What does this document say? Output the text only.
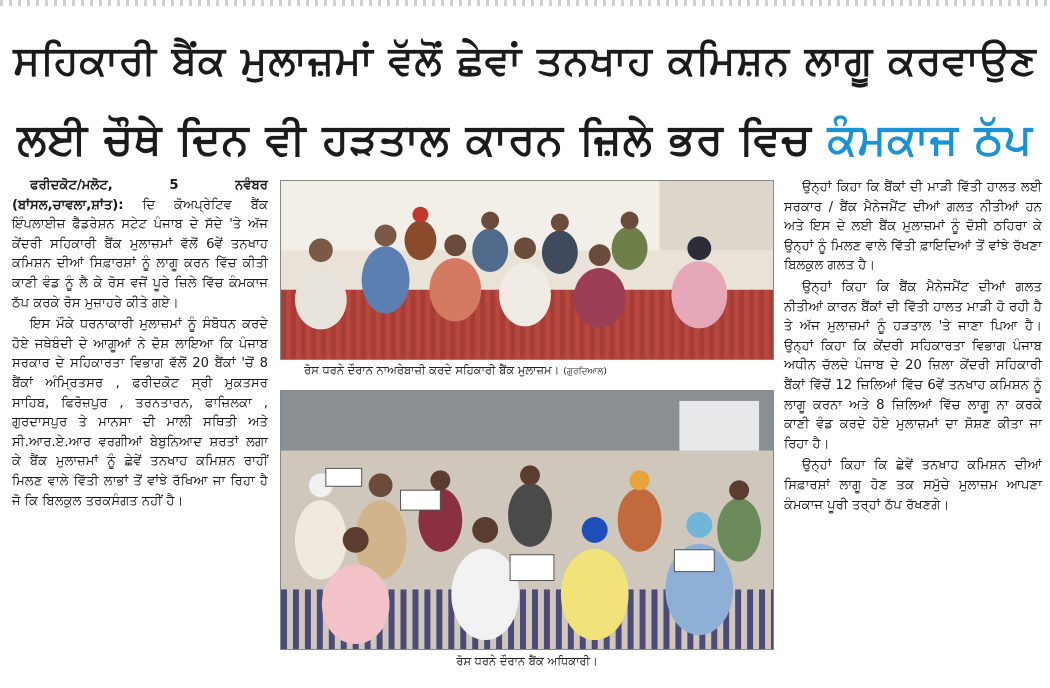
ਸਹਿਕਾਰੀ ਬੈਂਕ ਮੁਲਾਜ਼ਮਾਂ ਵੱਲੋਂ ਛੇਵਾਂ ਤਨਖਾਹ ਕਮਿਸ਼ਨ ਲਾਗੂ ਕਰਵਾਉਣ
ਲਈ ਚੌਥੇ ਦਿਨ ਵੀ ਹੜਤਾਲ ਕਾਰਨ ਜ਼ਿਲੇ ਭਰ ਵਿਚ ਕੰਮਕਾਜ ਠੱਪ

ਫਰੀਦਕੋਟ/ਮਲੋਟ, 5 ਨਵੰਬਰ (ਬਾਂਸਲ,ਚਾਵਲਾ,ਸ਼ਾਂਤ): ਦਿ ਕੋਅਪ੍ਰੇਟਿਵ ਬੈਂਕ ਇੰਪਲਾਈਜ਼ ਫੈੱਡਰੇਸ਼ਨ ਸਟੇਟ ਪੰਜਾਬ ਦੇ ਸੱਦੇ 'ਤੇ ਅੱਜ ਕੇਂਦਰੀ ਸਹਿਕਾਰੀ ਬੈਂਕ ਮੁਲਾਜ਼ਮਾਂ ਵੱਲੋਂ 6ਵੇਂ ਤਨਖਾਹ ਕਮਿਸ਼ਨ ਦੀਆਂ ਸਿਫ਼ਾਰਸ਼ਾਂ ਨੂੰ ਲਾਗੂ ਕਰਨ ਵਿੱਚ ਕੀਤੀ ਕਾਣੀ ਵੰਡ ਨੂੰ ਲੈ ਕੇ ਰੋਸ ਵਜੋਂ ਪੂਰੇ ਜ਼ਿਲੇ ਵਿੱਚ ਕੰਮਕਾਜ ਠੱਪ ਕਰਕੇ ਰੋਸ ਮੁਜ਼ਾਹਰੇ ਕੀਤੇ ਗਏ।

ਇਸ ਮੌਕੇ ਧਰਨਾਕਾਰੀ ਮੁਲਾਜ਼ਮਾਂ ਨੂੰ ਸੰਬੋਧਨ ਕਰਦੇ ਹੋਏ ਜਥੇਬੰਦੀ ਦੇ ਆਗੂਆਂ ਨੇ ਦੋਸ਼ ਲਾਇਆ ਕਿ ਪੰਜਾਬ ਸਰਕਾਰ ਦੇ ਸਹਿਕਾਰਤਾ ਵਿਭਾਗ ਵੱਲੋਂ 20 ਬੈਂਕਾਂ 'ਚੋਂ 8 ਬੈਂਕਾਂ ਅੰਮ੍ਰਿਤਸਰ , ਫਰੀਦਕੋਟ ਸ੍ਰੀ ਮੁਕਤਸਰ ਸਾਹਿਬ, ਫਿਰੋਜ਼ਪੁਰ , ਤਰਨਤਾਰਨ, ਫਾਜ਼ਿਲਕਾ , ਗੁਰਦਾਸਪੁਰ ਤੇ ਮਾਨਸਾ ਦੀ ਮਾਲੀ ਸਥਿਤੀ ਅਤੇ ਸੀ.ਆਰ.ਏ.ਆਰ ਵਰਗੀਆਂ ਬੇਬੁਨਿਆਦ ਸ਼ਰਤਾਂ ਲਗਾ ਕੇ ਬੈਂਕ ਮੁਲਾਜ਼ਮਾਂ ਨੂੰ ਛੇਵੇਂ ਤਨਖਾਹ ਕਮਿਸ਼ਨ ਰਾਹੀਂ ਮਿਲਣ ਵਾਲੇ ਵਿੱਤੀ ਲਾਭਾਂ ਤੋਂ ਵਾਂਝੇ ਰੱਖਿਆ ਜਾ ਰਿਹਾ ਹੈ ਜੋ ਕਿ ਬਿਲਕੁਲ ਤਰਕਸੰਗਤ ਨਹੀਂ ਹੈ।

ਰੋਸ ਧਰਨੇ ਦੌਰਾਨ ਨਾਅਰੇਬਾਜ਼ੀ ਕਰਦੇ ਸਹਿਕਾਰੀ ਬੈਂਕ ਮੁਲਾਜ਼ਮ। (ਗੁਰਦਿਆਲ)
ਰੋਸ ਧਰਨੇ ਦੌਰਾਨ ਬੈਂਕ ਅਧਿਕਾਰੀ।

ਉਨ੍ਹਾਂ ਕਿਹਾ ਕਿ ਬੈਂਕਾਂ ਦੀ ਮਾੜੀ ਵਿੱਤੀ ਹਾਲਤ ਲਈ ਸਰਕਾਰ / ਬੈਂਕ ਮੈਨੇਜਮੈਂਟ ਦੀਆਂ ਗਲਤ ਨੀਤੀਆਂ ਹਨ ਅਤੇ ਇਸ ਦੇ ਲਈ ਬੈਂਕ ਮੁਲਾਜ਼ਮਾਂ ਨੂੰ ਦੋਸ਼ੀ ਠਹਿਰਾ ਕੇ ਉਨ੍ਹਾਂ ਨੂੰ ਮਿਲਣ ਵਾਲੇ ਵਿੱਤੀ ਫ਼ਾਇਦਿਆਂ ਤੋਂ ਵਾਂਝੇ ਰੱਖਣਾ ਬਿਲਕੁਲ ਗਲਤ ਹੈ।

ਉਨ੍ਹਾਂ ਕਿਹਾ ਕਿ ਬੈਂਕ ਮੈਨੇਜਮੈਂਟ ਦੀਆਂ ਗਲਤ ਨੀਤੀਆਂ ਕਾਰਨ ਬੈਂਕਾਂ ਦੀ ਵਿੱਤੀ ਹਾਲਤ ਮਾੜੀ ਹੋ ਰਹੀ ਹੈ ਤੇ ਅੱਜ ਮੁਲਾਜ਼ਮਾਂ ਨੂੰ ਹੜਤਾਲ 'ਤੇ ਜਾਣਾ ਪਿਆ ਹੈ। ਉਨ੍ਹਾਂ ਕਿਹਾ ਕਿ ਕੇਂਦਰੀ ਸਹਿਕਾਰਤਾ ਵਿਭਾਗ ਪੰਜਾਬ ਅਧੀਨ ਚੱਲਦੇ ਪੰਜਾਬ ਦੇ 20 ਜ਼ਿਲਾ ਕੇਂਦਰੀ ਸਹਿਕਾਰੀ ਬੈਂਕਾਂ ਵਿੱਚੋਂ 12 ਜ਼ਿਲਿਆਂ ਵਿੱਚ 6ਵੇਂ ਤਨਖਾਹ ਕਮਿਸ਼ਨ ਨੂੰ ਲਾਗੂ ਕਰਨਾ ਅਤੇ 8 ਜ਼ਿਲਿਆਂ ਵਿੱਚ ਲਾਗੂ ਨਾ ਕਰਕੇ ਕਾਣੀ ਵੰਡ ਕਰਦੇ ਹੋਏ ਮੁਲਾਜ਼ਮਾਂ ਦਾ ਸ਼ੋਸ਼ਣ ਕੀਤਾ ਜਾ ਰਿਹਾ ਹੈ।

ਉਨ੍ਹਾਂ ਕਿਹਾ ਕਿ ਛੇਵੇਂ ਤਨਖਾਹ ਕਮਿਸ਼ਨ ਦੀਆਂ ਸਿਫ਼ਾਰਸ਼ਾਂ ਲਾਗੂ ਹੋਣ ਤਕ ਸਮੁੱਚੇ ਮੁਲਾਜ਼ਮ ਆਪਣਾ ਕੰਮਕਾਜ ਪੂਰੀ ਤਰ੍ਹਾਂ ਠੱਪ ਰੱਖਣਗੇ।
